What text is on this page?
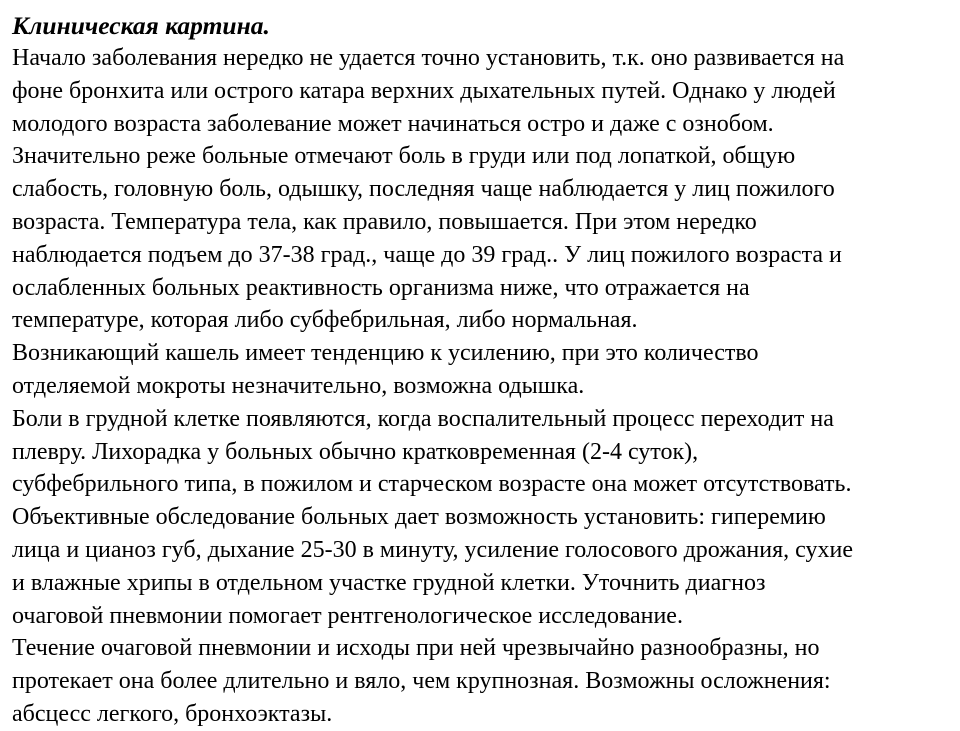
Клиническая картина.

Начало заболевания нередко не удается точно установить, т.к. оно развивается на

фоне бронхита или острого катара верхних дыхательных путей. Однако у людей

молодого возраста заболевание может начинаться остро и даже с ознобом.

Значительно реже больные отмечают боль в груди или под лопаткой, общую

слабость, головную боль, одышку, последняя чаще наблюдается у лиц пожилого

возраста. Температура тела, как правило, повышается. При этом нередко

наблюдается подъем до 37-38 град., чаще до 39 град.. У лиц пожилого возраста и

ослабленных больных реактивность организма ниже, что отражается на

температуре, которая либо субфебрильная, либо нормальная.

Возникающий кашель имеет тенденцию к усилению, при это количество

отделяемой мокроты незначительно, возможна одышка.

Боли в грудной клетке появляются, когда воспалительный процесс переходит на

плевру. Лихорадка у больных обычно кратковременная (2-4 суток),

субфебрильного типа, в пожилом и старческом возрасте она может отсутствовать.

Объективные обследование больных дает возможность установить: гиперемию

лица и цианоз губ, дыхание 25-30 в минуту, усиление голосового дрожания, сухие

и влажные хрипы в отдельном участке грудной клетки. Уточнить диагноз

очаговой пневмонии помогает рентгенологическое исследование.

Течение очаговой пневмонии и исходы при ней чрезвычайно разнообразны, но

протекает она более длительно и вяло, чем крупнозная. Возможны осложнения:

абсцесс легкого, бронхоэктазы.
